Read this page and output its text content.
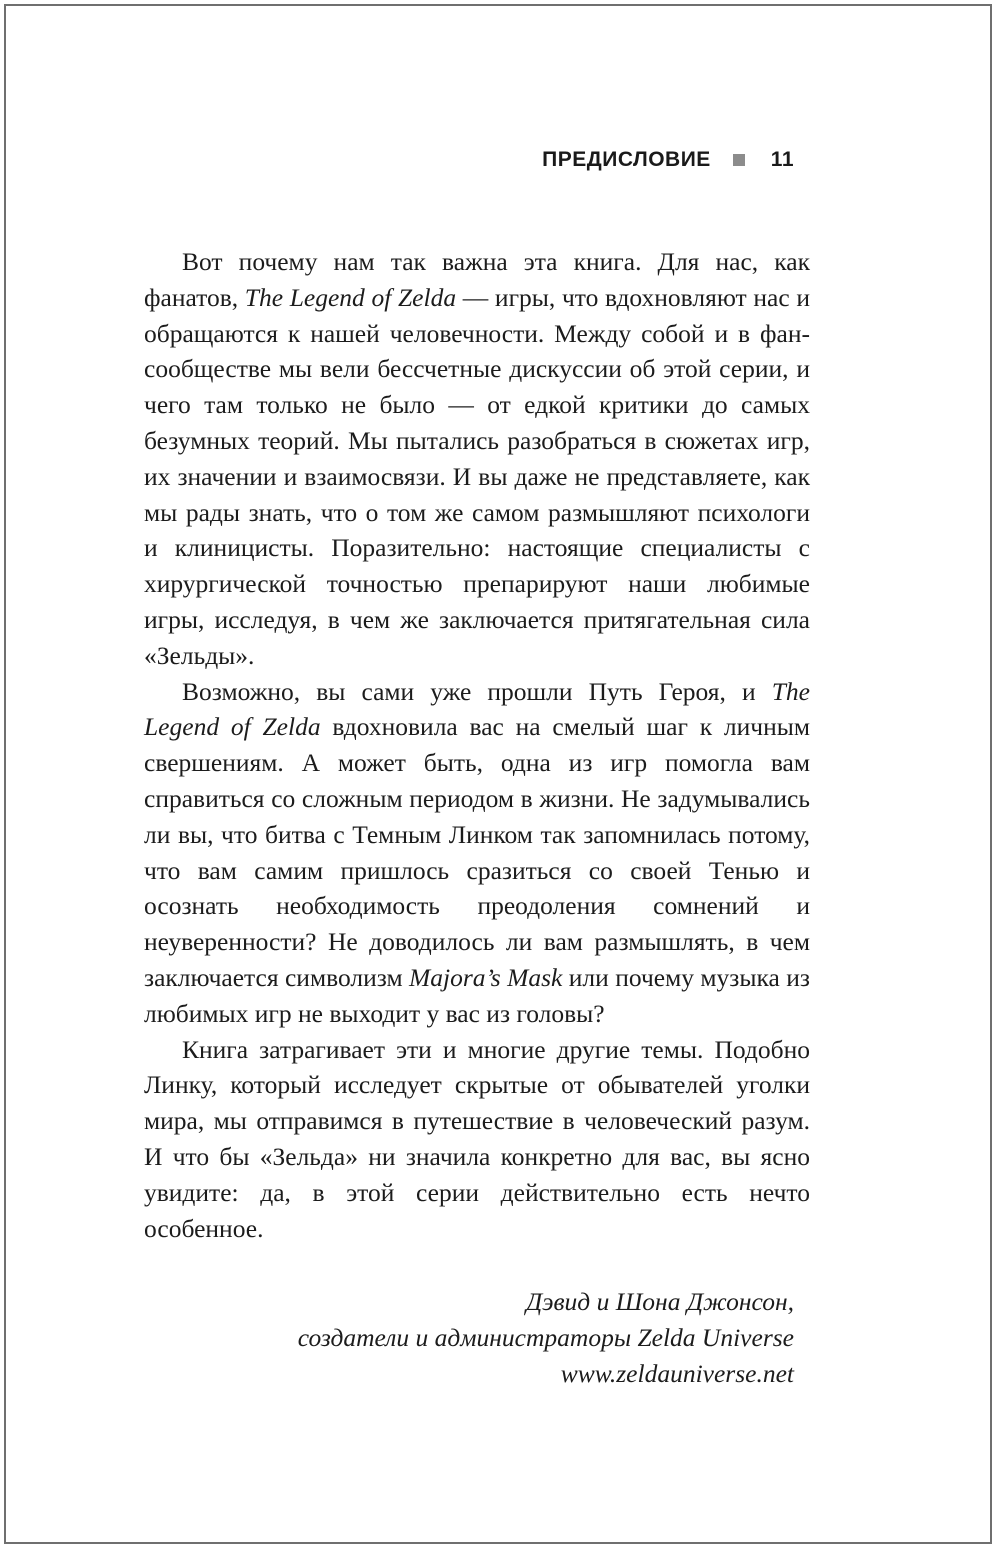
ПРЕДИСЛОВИЕ	11

Вот почему нам так важна эта книга. Для нас, как фанатов, The Legend of Zelda — игры, что вдохновляют нас и обращаются к нашей человечности. Между собой и в фан-сообществе мы вели бессчетные дискуссии об этой серии, и чего там только не было — от едкой критики до самых безумных теорий. Мы пытались разобраться в сюжетах игр, их значении и взаимосвязи. И вы даже не представляете, как мы рады знать, что о том же самом размышляют психологи и клиницисты. Поразительно: настоящие специалисты с хирургической точностью препарируют наши любимые игры, исследуя, в чем же заключается притягательная сила «Зельды».

Возможно, вы сами уже прошли Путь Героя, и The Legend of Zelda вдохновила вас на смелый шаг к личным свершениям. А может быть, одна из игр помогла вам справиться со сложным периодом в жизни. Не задумывались ли вы, что битва с Темным Линком так запомнилась потому, что вам самим пришлось сразиться со своей Тенью и осознать необходимость преодоления сомнений и неуверенности? Не доводилось ли вам размышлять, в чем заключается символизм Majora’s Mask или почему музыка из любимых игр не выходит у вас из головы?

Книга затрагивает эти и многие другие темы. Подобно Линку, который исследует скрытые от обывателей уголки мира, мы отправимся в путешествие в человеческий разум. И что бы «Зельда» ни значила конкретно для вас, вы ясно увидите: да, в этой серии действительно есть нечто особенное.

Дэвид и Шона Джонсон,
создатели и администраторы Zelda Universe
www.zeldauniverse.net
